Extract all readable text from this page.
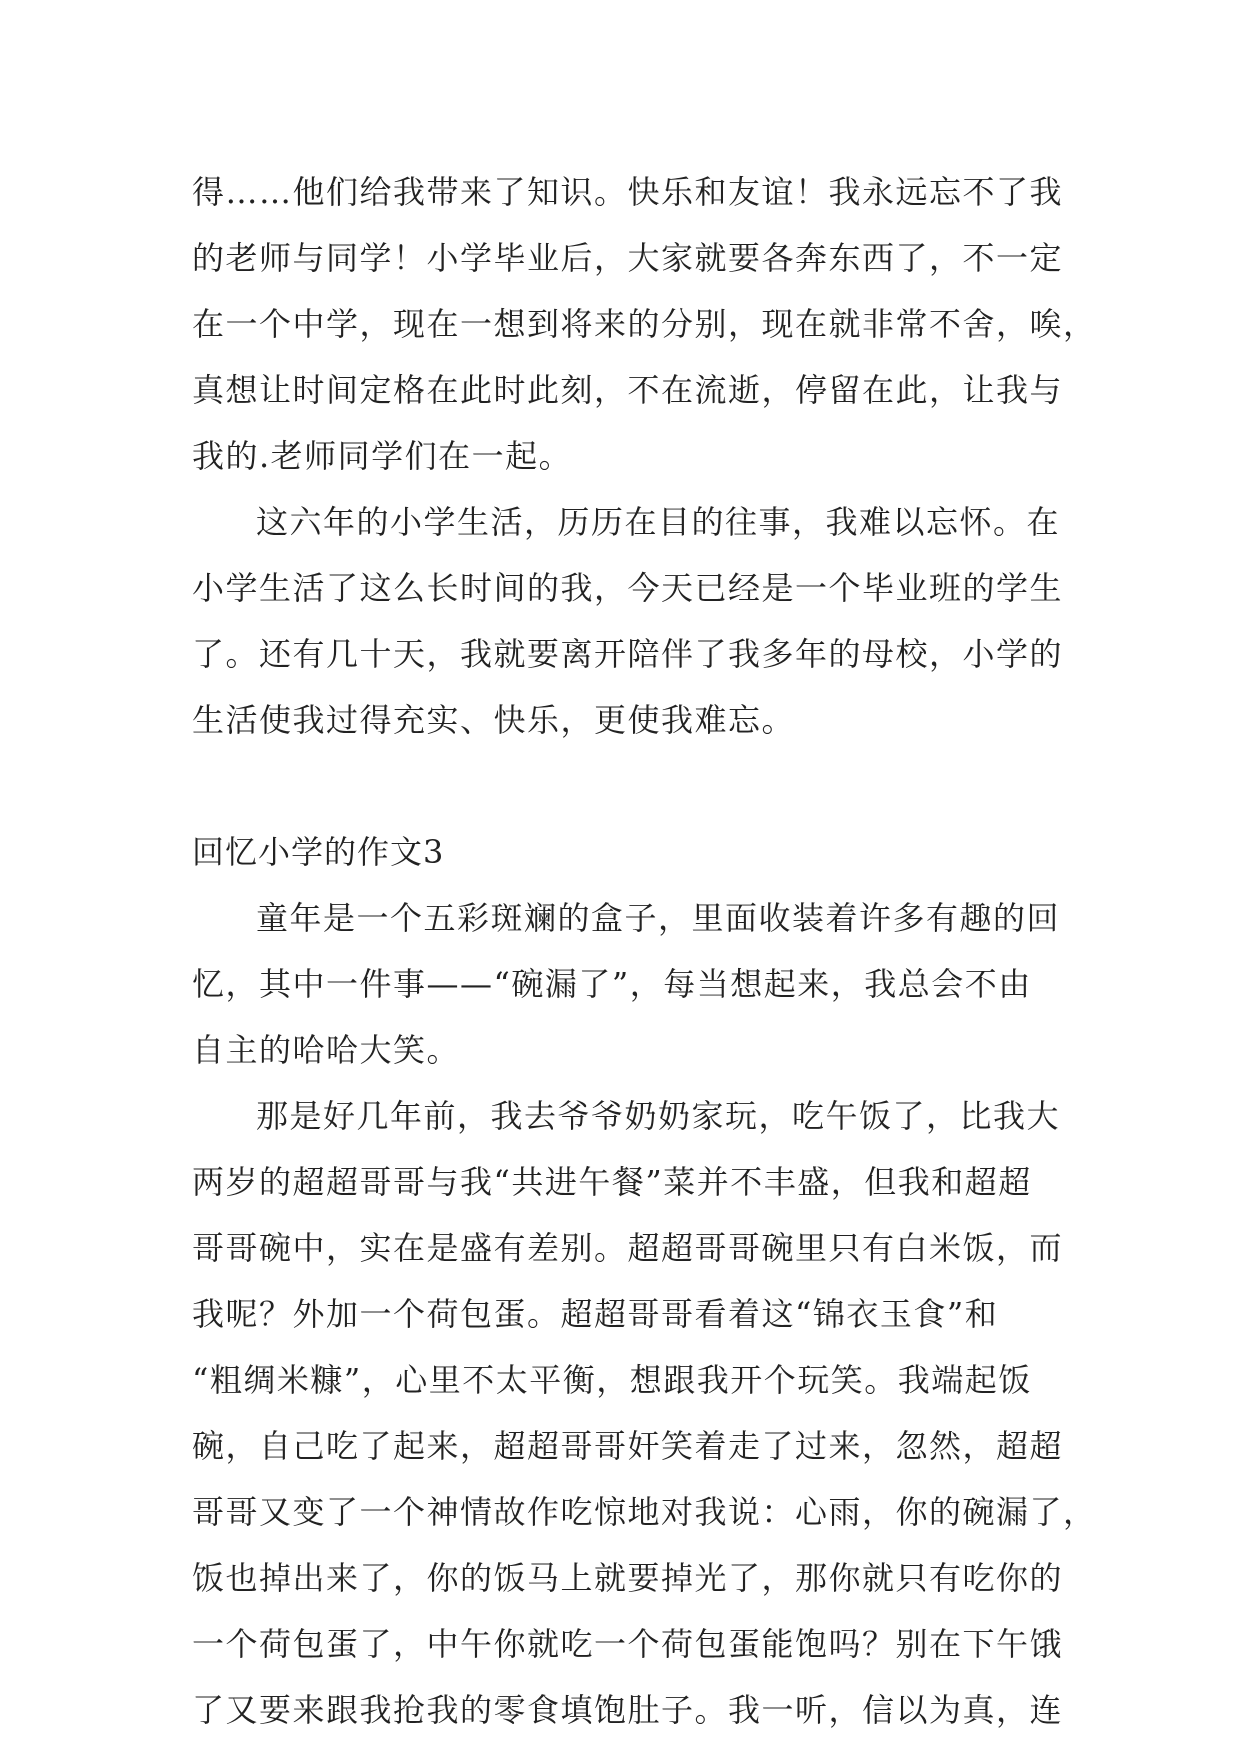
得……他们给我带来了知识。快乐和友谊！我永远忘不了我
的老师与同学！小学毕业后，大家就要各奔东西了，不一定
在一个中学，现在一想到将来的分别，现在就非常不舍，唉，
真想让时间定格在此时此刻，不在流逝，停留在此，让我与
我的.老师同学们在一起。
这六年的小学生活，历历在目的往事，我难以忘怀。在
小学生活了这么长时间的我，今天已经是一个毕业班的学生
了。还有几十天，我就要离开陪伴了我多年的母校，小学的
生活使我过得充实、快乐，更使我难忘。
回忆小学的作文3
童年是一个五彩斑斓的盒子，里面收装着许多有趣的回
忆，其中一件事——“碗漏了”，每当想起来，我总会不由
自主的哈哈大笑。
那是好几年前，我去爷爷奶奶家玩，吃午饭了，比我大
两岁的超超哥哥与我“共进午餐”菜并不丰盛，但我和超超
哥哥碗中，实在是盛有差别。超超哥哥碗里只有白米饭，而
我呢？外加一个荷包蛋。超超哥哥看着这“锦衣玉食”和
“粗绸米糠”，心里不太平衡，想跟我开个玩笑。我端起饭
碗，自己吃了起来，超超哥哥奸笑着走了过来，忽然，超超
哥哥又变了一个神情故作吃惊地对我说：心雨，你的碗漏了，
饭也掉出来了，你的饭马上就要掉光了，那你就只有吃你的
一个荷包蛋了，中午你就吃一个荷包蛋能饱吗？别在下午饿
了又要来跟我抢我的零食填饱肚子。我一听，信以为真，连
